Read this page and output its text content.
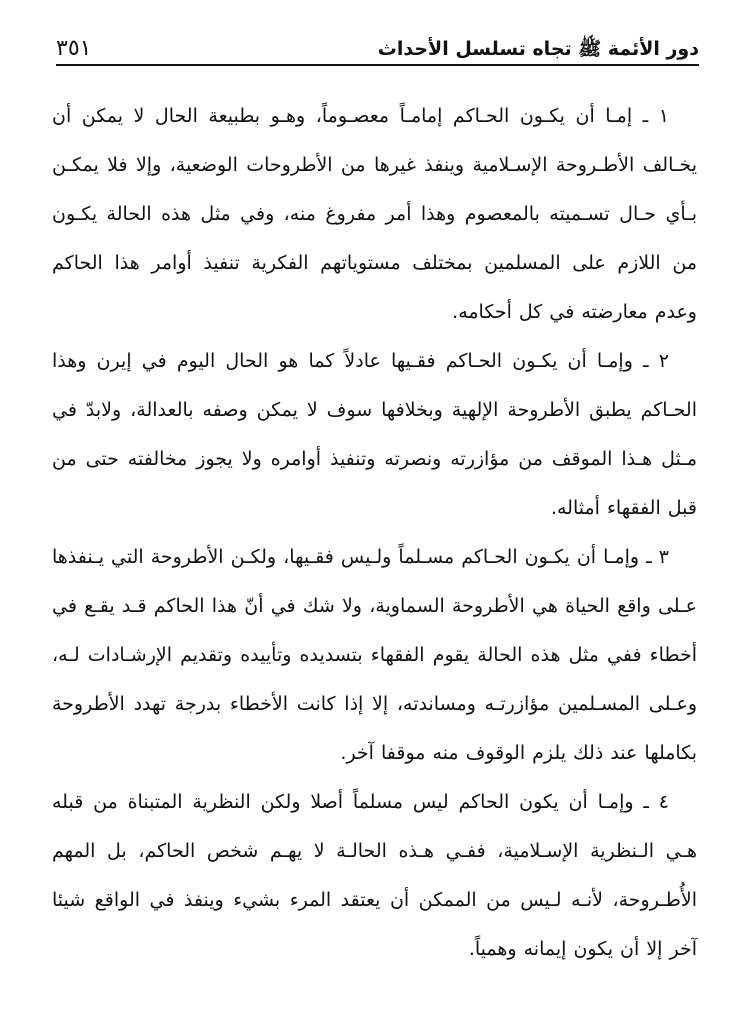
دور الأئمة ﷺ تجاه تسلسل الأحداث
٣٥١

١ ـ إمـا أن يكـون الحـاكم إمامـاً معصـوماً، وهـو بطبيعة الحال لا يمكن أن يخـالف الأطـروحة الإسـلامية وينفذ غيرها من الأطروحات الوضعية، وإلا فلا يمكـن بـأي حـال تسـميته بالمعصوم وهذا أمر مفروغ منه، وفي مثل هذه الحالة يكـون من اللازم على المسلمين بمختلف مستوياتهم الفكرية تنفيذ أوامر هذا الحاكم وعدم معارضته في كل أحكامه.

٢ ـ وإمـا أن يكـون الحـاكم فقـيها عادلاً كما هو الحال اليوم في إيرن وهذا الحـاكم يطبق الأطروحة الإلهية وبخلافها سوف لا يمكن وصفه بالعدالة، ولابدّ في مـثل هـذا الموقف من مؤازرته ونصرته وتنفيذ أوامره ولا يجوز مخالفته حتى من قبل الفقهاء أمثاله.

٣ ـ وإمـا أن يكـون الحـاكم مسـلماً ولـيس فقـيها، ولكـن الأطروحة التي يـنفذها عـلى واقع الحياة هي الأطروحة السماوية، ولا شك في أنّ هذا الحاكم قـد يقـع في أخطاء ففي مثل هذه الحالة يقوم الفقهاء بتسديده وتأييده وتقديم الإرشـادات لـه، وعـلى المسـلمين مؤازرتـه ومساندته، إلا إذا كانت الأخطاء بدرجة تهدد الأطروحة بكاملها عند ذلك يلزم الوقوف منه موقفا آخر.

٤ ـ وإمـا أن يكون الحاكم ليس مسلماً أصلا ولكن النظرية المتبناة من قبله هـي الـنظرية الإسـلامية، ففـي هـذه الحالـة لا يهـم شخص الحاكم، بل المهم الأُطـروحة، لأنـه لـيس من الممكن أن يعتقد المرء بشيء وينفذ في الواقع شيئا آخر إلا أن يكون إيمانه وهمياً.
